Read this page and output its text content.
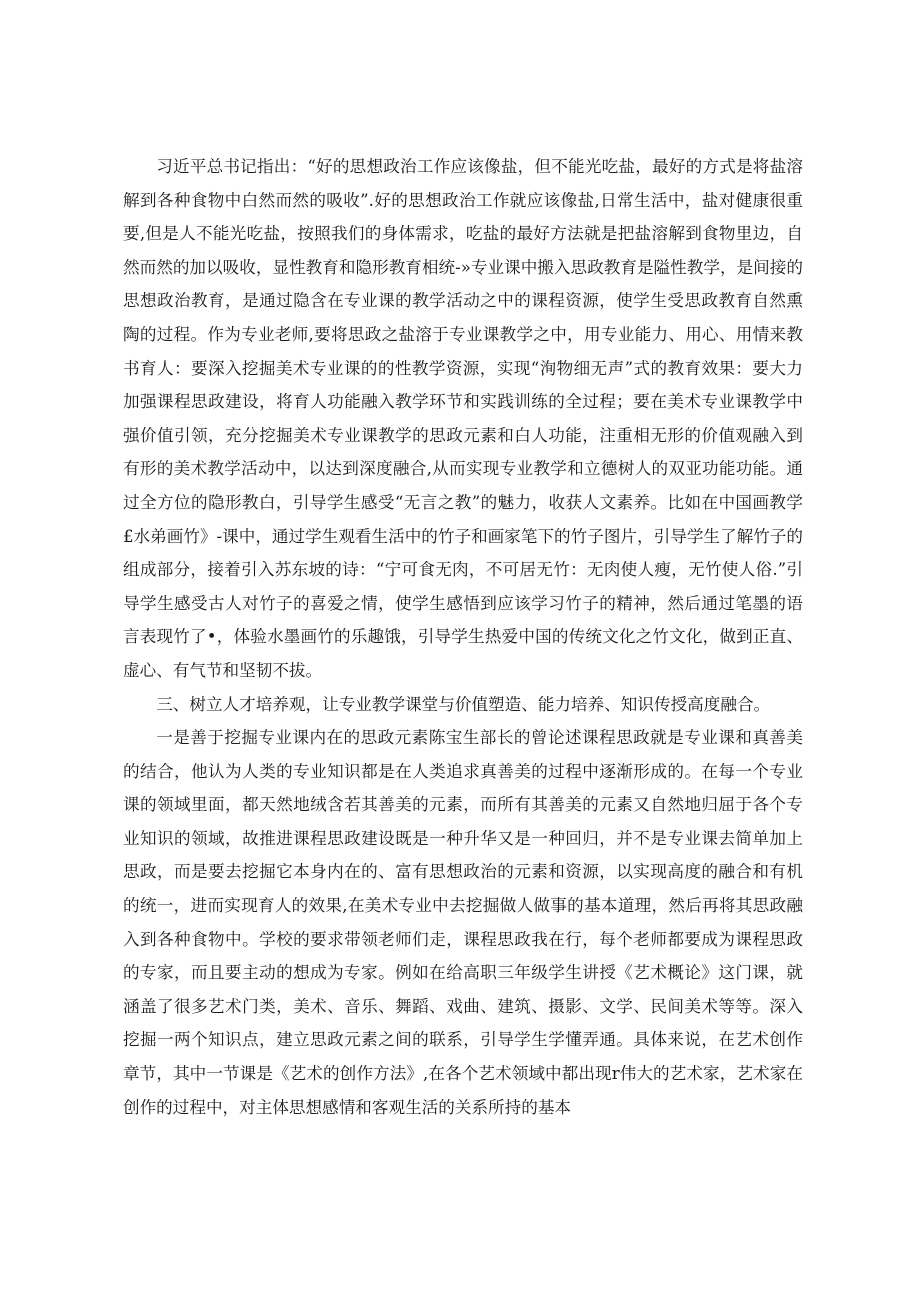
习近平总书记指出：“好的思想政治工作应该像盐，但不能光吃盐，最好的方式是将盐溶解到各种食物中白然而然的吸收”.好的思想政治工作就应该像盐,日常生活中，盐对健康很重要,但是人不能光吃盐，按照我们的身体需求，吃盐的最好方法就是把盐溶解到食物里边，自然而然的加以吸收，显性教育和隐形教育相统-»专业课中搬入思政教育是隘性教学，是间接的思想政治教育，是通过隐含在专业课的教学活动之中的课程资源，使学生受思政教育自然熏陶的过程。作为专业老师,要将思政之盐溶于专业课教学之中，用专业能力、用心、用情来教书育人：要深入挖掘美术专业课的的性教学资源，实现“洵物细无声”式的教育效果：要大力加强课程思政建设，将育人功能融入教学环节和实践训练的全过程；要在美术专业课教学中强价值引领，充分挖掘美术专业课教学的思政元素和白人功能，注重相无形的价值观融入到有形的美术教学活动中，以达到深度融合,从而实现专业教学和立德树人的双亚功能功能。通过全方位的隐形教白，引导学生感受“无言之教”的魅力，收获人文素养。比如在中国画教学£水弟画竹》-课中，通过学生观看生活中的竹子和画家笔下的竹子图片，引导学生了解竹子的组成部分，接着引入苏东坡的诗：“宁可食无肉，不可居无竹：无肉使人瘦，无竹使人俗.”引导学生感受古人对竹子的喜爱之情，使学生感悟到应该学习竹子的精神，然后通过笔墨的语言表现竹了•，体验水墨画竹的乐趣饿，引导学生热爱中国的传统文化之竹文化，做到正直、虚心、有气节和坚韧不拔。

三、树立人才培养观，让专业教学课堂与价值塑造、能力培养、知识传授高度融合。

一是善于挖掘专业课内在的思政元素陈宝生部长的曾论述课程思政就是专业课和真善美的结合，他认为人类的专业知识都是在人类追求真善美的过程中逐渐形成的。在每一个专业课的领域里面，都天然地绒含若其善美的元素，而所有其善美的元素又自然地归屈于各个专业知识的领域，故推进课程思政建设既是一种升华又是一种回归，并不是专业课去简单加上思政，而是要去挖掘它本身内在的、富有思想政治的元素和资源，以实现高度的融合和有机的统一，进而实现育人的效果,在美术专业中去挖掘做人做事的基本道理，然后再将其思政融入到各种食物中。学校的要求带领老师们走，课程思政我在行，每个老师都要成为课程思政的专家，而且要主动的想成为专家。例如在给高职三年级学生讲授《艺术概论》这门课，就涵盖了很多艺术门类，美术、音乐、舞蹈、戏曲、建筑、摄影、文学、民间美术等等。深入挖掘一两个知识点，建立思政元素之间的联系，引导学生学懂弄通。具体来说，在艺术创作章节，其中一节课是《艺术的创作方法》,在各个艺术领域中都出现r伟大的艺术家，艺术家在创作的过程中，对主体思想感情和客观生活的关系所持的基本
